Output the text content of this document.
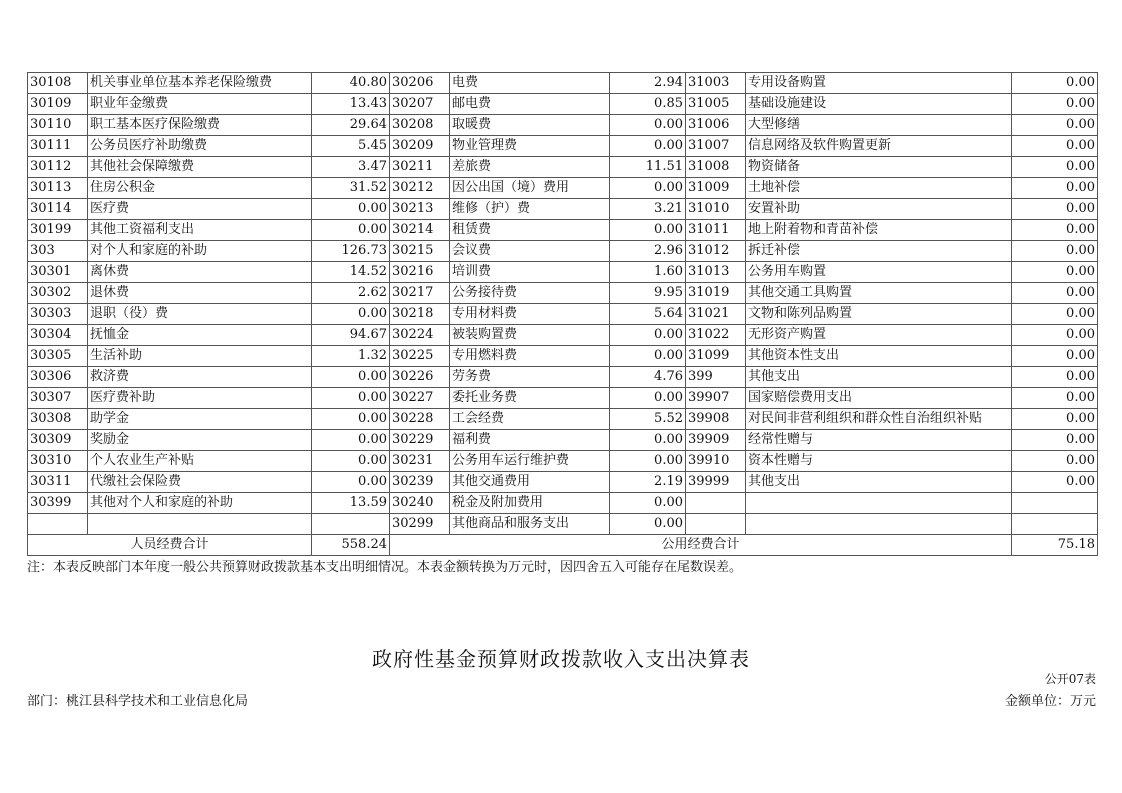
30108	机关事业单位基本养老保险缴费	40.80	30206	电费	2.94	31003	专用设备购置	0.00
30109	职业年金缴费	13.43	30207	邮电费	0.85	31005	基础设施建设	0.00
30110	职工基本医疗保险缴费	29.64	30208	取暖费	0.00	31006	大型修缮	0.00
30111	公务员医疗补助缴费	5.45	30209	物业管理费	0.00	31007	信息网络及软件购置更新	0.00
30112	其他社会保障缴费	3.47	30211	差旅费	11.51	31008	物资储备	0.00
30113	住房公积金	31.52	30212	因公出国（境）费用	0.00	31009	土地补偿	0.00
30114	医疗费	0.00	30213	维修（护）费	3.21	31010	安置补助	0.00
30199	其他工资福利支出	0.00	30214	租赁费	0.00	31011	地上附着物和青苗补偿	0.00
303	对个人和家庭的补助	126.73	30215	会议费	2.96	31012	拆迁补偿	0.00
30301	离休费	14.52	30216	培训费	1.60	31013	公务用车购置	0.00
30302	退休费	2.62	30217	公务接待费	9.95	31019	其他交通工具购置	0.00
30303	退职（役）费	0.00	30218	专用材料费	5.64	31021	文物和陈列品购置	0.00
30304	抚恤金	94.67	30224	被装购置费	0.00	31022	无形资产购置	0.00
30305	生活补助	1.32	30225	专用燃料费	0.00	31099	其他资本性支出	0.00
30306	救济费	0.00	30226	劳务费	4.76	399	其他支出	0.00
30307	医疗费补助	0.00	30227	委托业务费	0.00	39907	国家赔偿费用支出	0.00
30308	助学金	0.00	30228	工会经费	5.52	39908	对民间非营利组织和群众性自治组织补贴	0.00
30309	奖励金	0.00	30229	福利费	0.00	39909	经常性赠与	0.00
30310	个人农业生产补贴	0.00	30231	公务用车运行维护费	0.00	39910	资本性赠与	0.00
30311	代缴社会保险费	0.00	30239	其他交通费用	2.19	39999	其他支出	0.00
30399	其他对个人和家庭的补助	13.59	30240	税金及附加费用	0.00			
			30299	其他商品和服务支出	0.00			
人员经费合计		558.24	公用经费合计					75.18
注：本表反映部门本年度一般公共预算财政拨款基本支出明细情况。本表金额转换为万元时，因四舍五入可能存在尾数误差。
政府性基金预算财政拨款收入支出决算表
公开07表
部门：桃江县科学技术和工业信息化局	金额单位：万元
